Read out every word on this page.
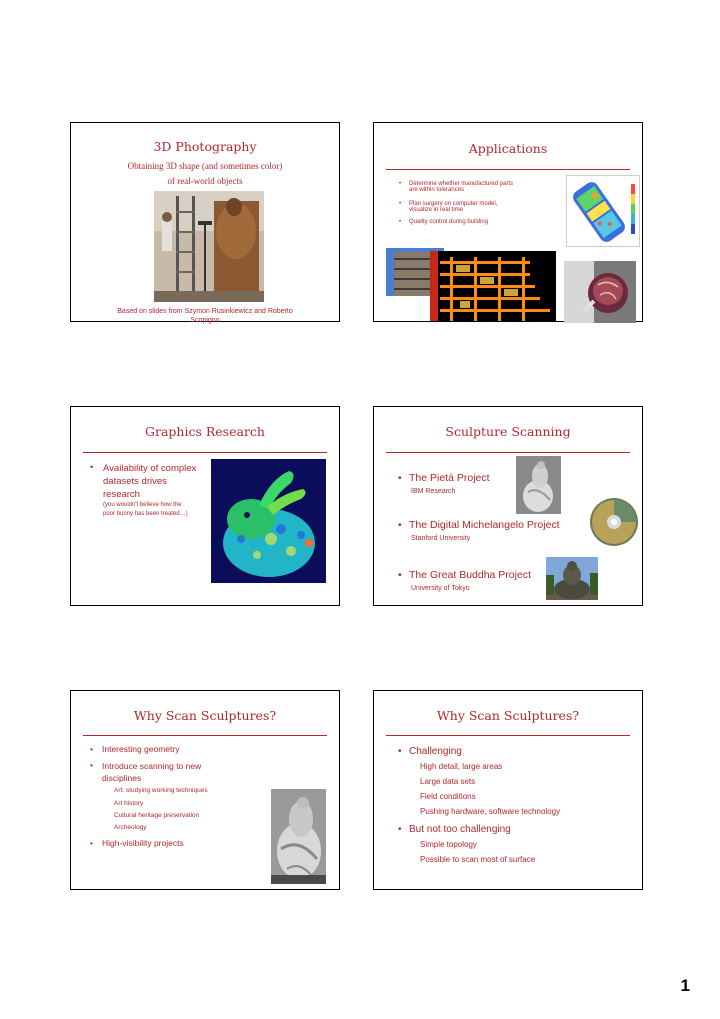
3D Photography
Obtaining 3D shape (and sometimes color)
of real-world objects
Based on slides from Szymon Rusinkiewicz and Roberto
Scopigno
Applications
•	Determine whether manufactured parts
are within tolerances
•	Plan surgery on computer model,
visualize in real time
•	Quality control during building
Graphics Research
•	Availability of complex
datasets drives
research
(you wouldn't believe how the
poor bunny has been treated…)
Sculpture Scanning
• The Pietà Project
IBM Research
• The Digital Michelangelo Project
Stanford University
• The Great Buddha Project
University of Tokyo
Why Scan Sculptures?
•	Interesting geometry
•	Introduce scanning to new
disciplines
Art: studying working techniques
Art history
Cultural heritage preservation
Archeology
•	High-visibility projects
Why Scan Sculptures?
• Challenging
High detail, large areas
Large data sets
Field conditions
Pushing hardware, software technology
• But not too challenging
Simple topology
Possible to scan most of surface
1
